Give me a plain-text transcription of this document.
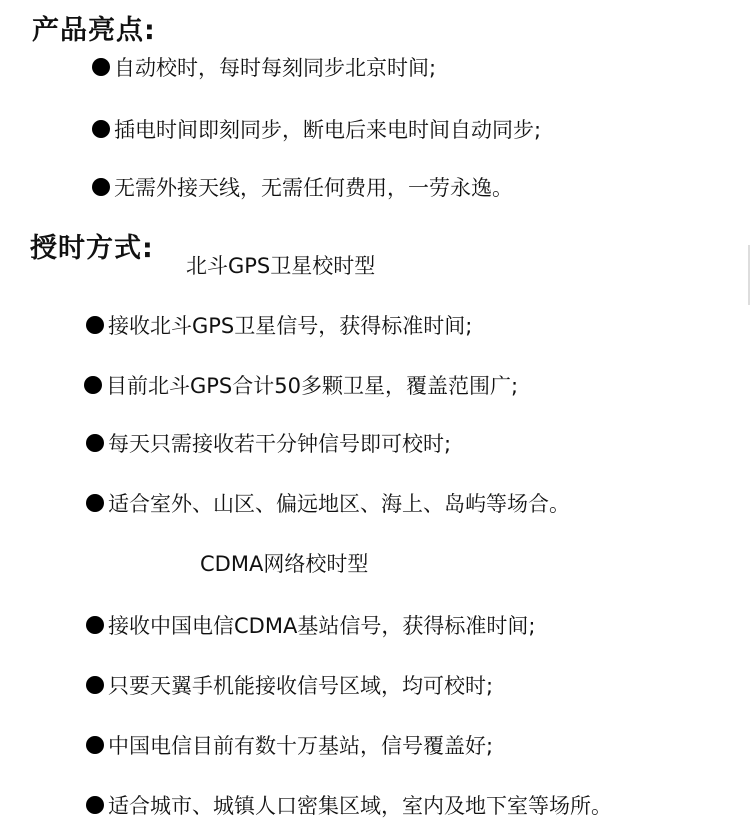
产品亮点:
自动校时，每时每刻同步北京时间;
插电时间即刻同步，断电后来电时间自动同步;
无需外接天线，无需任何费用，一劳永逸。
授时方式:
北斗GPS卫星校时型
接收北斗GPS卫星信号，获得标准时间;
目前北斗GPS合计50多颗卫星，覆盖范围广;
每天只需接收若干分钟信号即可校时;
适合室外、山区、偏远地区、海上、岛屿等场合。
CDMA网络校时型
接收中国电信CDMA基站信号，获得标准时间;
只要天翼手机能接收信号区域，均可校时;
中国电信目前有数十万基站，信号覆盖好;
适合城市、城镇人口密集区域，室内及地下室等场所。
